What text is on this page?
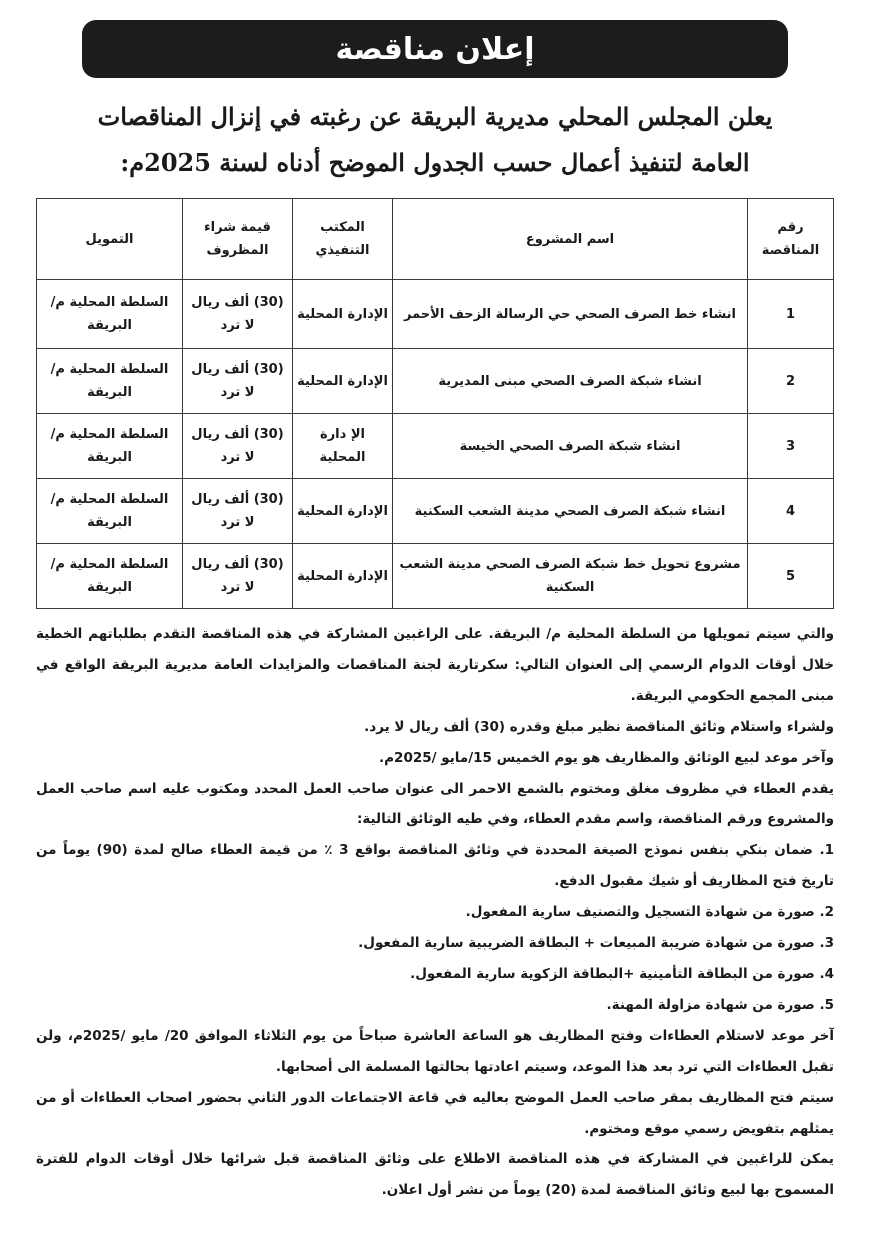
إعلان مناقصة
يعلن المجلس المحلي مديرية البريقة عن رغبته في إنزال المناقصات
العامة لتنفيذ أعمال حسب الجدول الموضح أدناه لسنة 2025م:
رقم المناقصة	اسم المشروع	المكتب التنفيذي	قيمة شراء المظروف	التمويل
1	انشاء خط الصرف الصحي حي الرسالة الزحف الأحمر	الإدارة المحلية	(30) ألف ريال لا ترد	السلطة المحلية م/ البريقة
2	انشاء شبكة الصرف الصحي مبنى المديرية	الإدارة المحلية	(30) ألف ريال لا ترد	السلطة المحلية م/ البريقة
3	انشاء شبكة الصرف الصحي الخيسة	الإ دارة المحلية	(30) ألف ريال لا ترد	السلطة المحلية م/ البريقة
4	انشاء شبكة الصرف الصحي مدينة الشعب السكنية	الإدارة المحلية	(30) ألف ريال لا ترد	السلطة المحلية م/ البريقة
5	مشروع تحويل خط شبكة الصرف الصحي مدينة الشعب السكنية	الإدارة المحلية	(30) ألف ريال لا ترد	السلطة المحلية م/ البريقة

والتي سيتم تمويلها من السلطة المحلية م/ البريقة. على الراغبين المشاركة في هذه المناقصة التقدم بطلباتهم الخطية خلال أوقات الدوام الرسمي إلى العنوان التالي: سكرتارية لجنة المناقصات والمزايدات العامة مديرية البريقة الواقع في مبنى المجمع الحكومي البريقة.

ولشراء واستلام وثائق المناقصة نظير مبلغ وقدره (30) ألف ريال لا يرد.

وآخر موعد لبيع الوثائق والمظاريف هو يوم الخميس 15/مايو /2025م.

يقدم العطاء في مظروف مغلق ومختوم بالشمع الاحمر الى عنوان صاحب العمل المحدد ومكتوب عليه اسم صاحب العمل والمشروع ورقم المناقصة، واسم مقدم العطاء، وفي طيه الوثائق التالية:

1. ضمان بنكي بنفس نموذج الصيغة المحددة في وثائق المناقصة بواقع 3 ٪ من قيمة العطاء صالح لمدة (90) يوماً من تاريخ فتح المظاريف أو شيك مقبول الدفع.

2. صورة من شهادة التسجيل والتصنيف سارية المفعول.

3. صورة من شهادة ضريبة المبيعات + البطاقة الضريبية سارية المفعول.

4. صورة من البطاقة التأمينية +البطاقة الزكوية سارية المفعول.

5. صورة من شهادة مزاولة المهنة.

آخر موعد لاستلام العطاءات وفتح المظاريف هو الساعة العاشرة صباحاً من يوم الثلاثاء الموافق 20/ مايو /2025م، ولن تقبل العطاءات التي ترد بعد هذا الموعد، وسيتم اعادتها بحالتها المسلمة الى أصحابها.

سيتم فتح المظاريف بمقر صاحب العمل الموضح بعاليه في قاعة الاجتماعات الدور الثاني بحضور اصحاب العطاءات أو من يمثلهم بتفويض رسمي موقع ومختوم.

يمكن للراغبين في المشاركة في هذه المناقصة الاطلاع على وثائق المناقصة قبل شرائها خلال أوقات الدوام للفترة المسموح بها لبيع وثائق المناقصة لمدة (20) يوماً من نشر أول اعلان.
